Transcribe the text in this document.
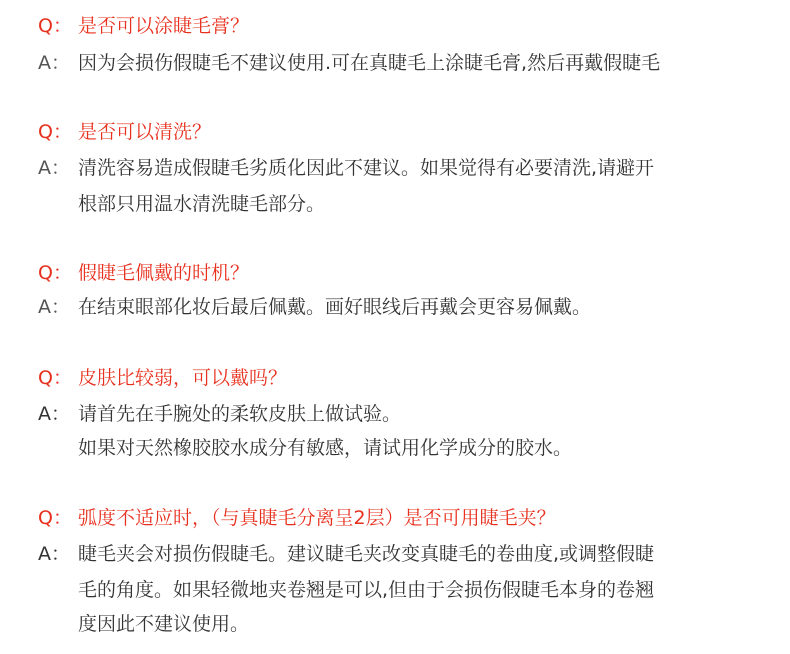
Q： 是否可以涂睫毛膏？
A： 因为会损伤假睫毛不建议使用.可在真睫毛上涂睫毛膏,然后再戴假睫毛
Q： 是否可以清洗？
A： 清洗容易造成假睫毛劣质化因此不建议。如果觉得有必要清洗,请避开
根部只用温水清洗睫毛部分。
Q： 假睫毛佩戴的时机？
A： 在结束眼部化妆后最后佩戴。画好眼线后再戴会更容易佩戴。
Q： 皮肤比较弱，可以戴吗？
A： 请首先在手腕处的柔软皮肤上做试验。
如果对天然橡胶胶水成分有敏感，请试用化学成分的胶水。
Q： 弧度不适应时，（与真睫毛分离呈2层）是否可用睫毛夹？
A： 睫毛夹会对损伤假睫毛。建议睫毛夹改变真睫毛的卷曲度,或调整假睫
毛的角度。如果轻微地夹卷翘是可以,但由于会损伤假睫毛本身的卷翘
度因此不建议使用。
